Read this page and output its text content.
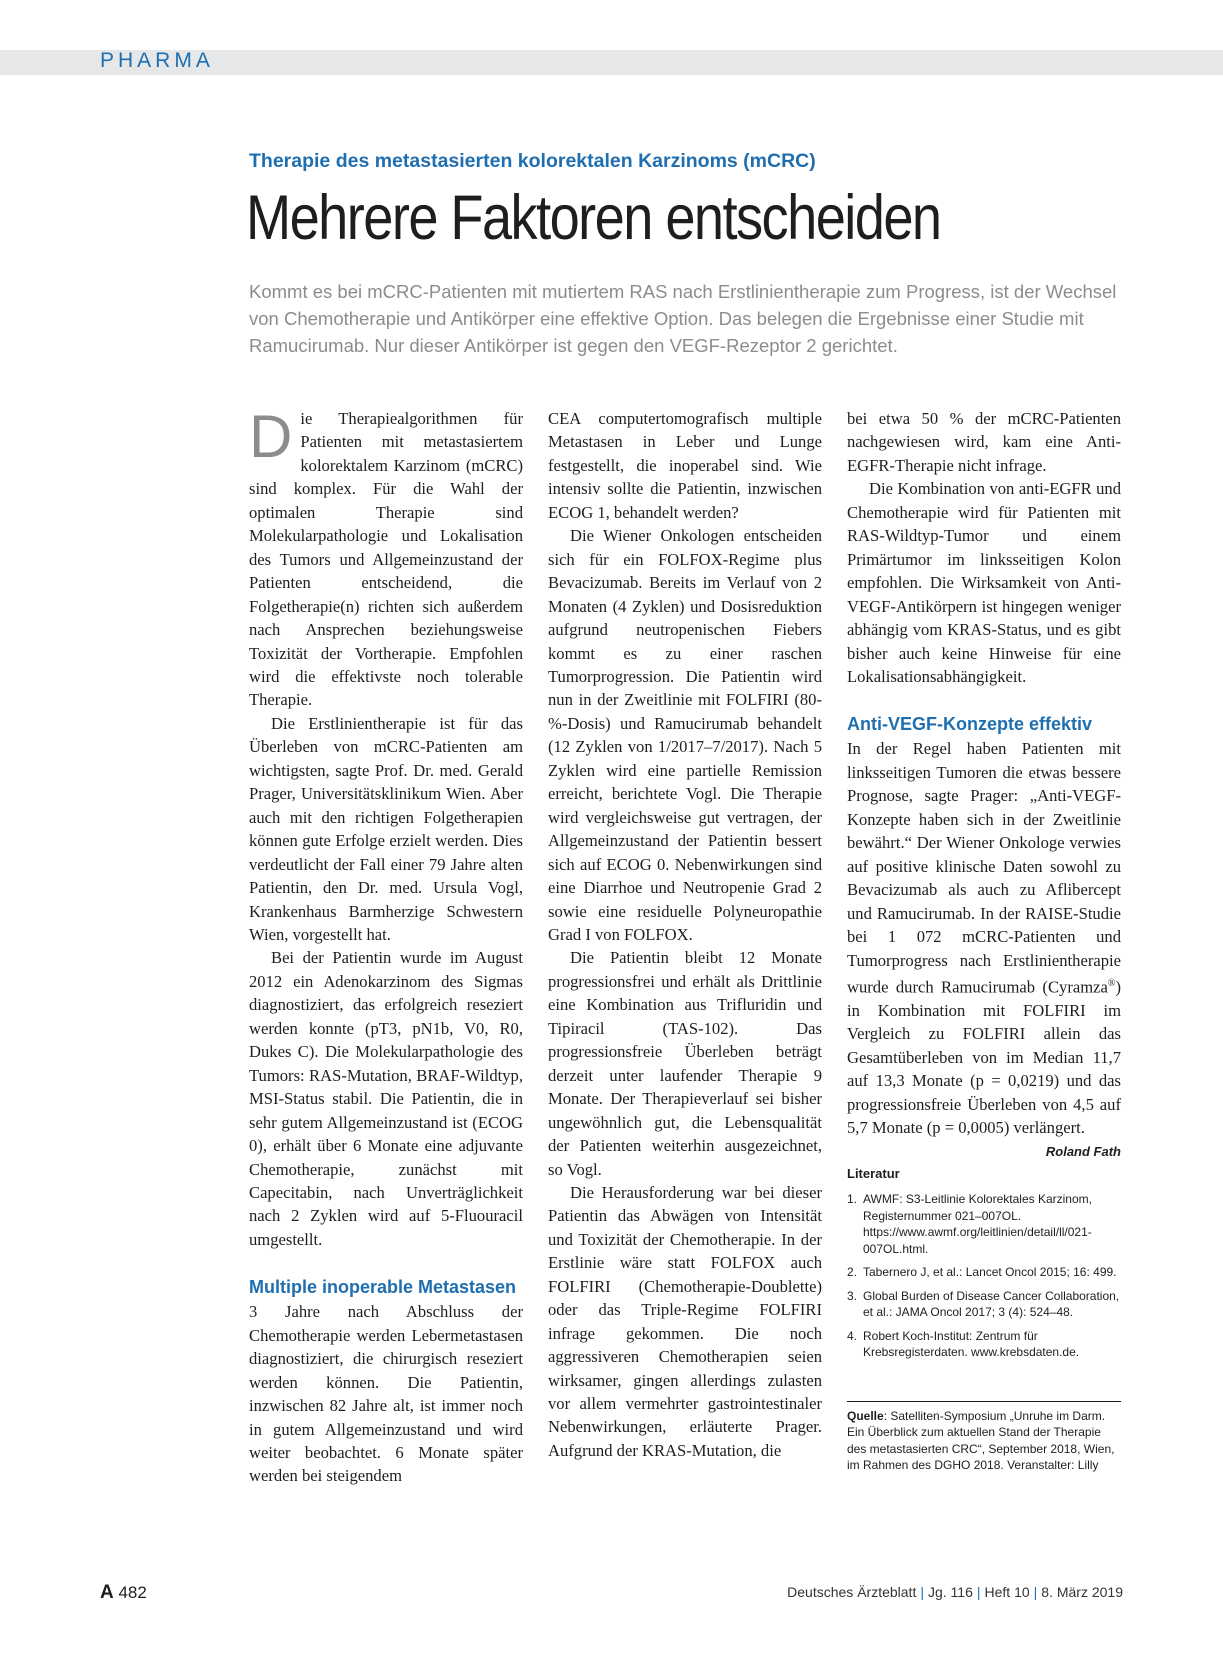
PHARMA
Therapie des metastasierten kolorektalen Karzinoms (mCRC)
Mehrere Faktoren entscheiden
Kommt es bei mCRC-Patienten mit mutiertem RAS nach Erstlinientherapie zum Progress, ist der Wechsel von Chemotherapie und Antikörper eine effektive Option. Das belegen die Ergebnisse einer Studie mit Ramucirumab. Nur dieser Antikörper ist gegen den VEGF-Rezeptor 2 gerichtet.

Die Therapiealgorithmen für Patienten mit metastasiertem kolorektalem Karzinom (mCRC) sind komplex. Für die Wahl der optimalen Therapie sind Molekularpathologie und Lokalisation des Tumors und Allgemeinzustand der Patienten entscheidend, die Folgetherapie(n) richten sich außerdem nach Ansprechen beziehungsweise Toxizität der Vortherapie. Empfohlen wird die effektivste noch tolerable Therapie.

Die Erstlinientherapie ist für das Überleben von mCRC-Patienten am wichtigsten, sagte Prof. Dr. med. Gerald Prager, Universitätsklinikum Wien. Aber auch mit den richtigen Folgetherapien können gute Erfolge erzielt werden. Dies verdeutlicht der Fall einer 79 Jahre alten Patientin, den Dr. med. Ursula Vogl, Krankenhaus Barmherzige Schwestern Wien, vorgestellt hat.

Bei der Patientin wurde im August 2012 ein Adenokarzinom des Sigmas diagnostiziert, das erfolgreich reseziert werden konnte (pT3, pN1b, V0, R0, Dukes C). Die Molekularpathologie des Tumors: RAS-Mutation, BRAF-Wildtyp, MSI-Status stabil. Die Patientin, die in sehr gutem Allgemeinzustand ist (ECOG 0), erhält über 6 Monate eine adjuvante Chemotherapie, zunächst mit Capecitabin, nach Unverträglichkeit nach 2 Zyklen wird auf 5-Fluouracil umgestellt.

Multiple inoperable Metastasen

3 Jahre nach Abschluss der Chemotherapie werden Lebermetastasen diagnostiziert, die chirurgisch reseziert werden können. Die Patientin, inzwischen 82 Jahre alt, ist immer noch in gutem Allgemeinzustand und wird weiter beobachtet. 6 Monate später werden bei steigendem

CEA computertomografisch multiple Metastasen in Leber und Lunge festgestellt, die inoperabel sind. Wie intensiv sollte die Patientin, inzwischen ECOG 1, behandelt werden?

Die Wiener Onkologen entscheiden sich für ein FOLFOX-Regime plus Bevacizumab. Bereits im Verlauf von 2 Monaten (4 Zyklen) und Dosisreduktion aufgrund neutropenischen Fiebers kommt es zu einer raschen Tumorprogression. Die Patientin wird nun in der Zweitlinie mit FOLFIRI (80-%-Dosis) und Ramucirumab behandelt (12 Zyklen von 1/2017–7/2017). Nach 5 Zyklen wird eine partielle Remission erreicht, berichtete Vogl. Die Therapie wird vergleichsweise gut vertragen, der Allgemeinzustand der Patientin bessert sich auf ECOG 0. Nebenwirkungen sind eine Diarrhoe und Neutropenie Grad 2 sowie eine residuelle Polyneuropathie Grad I von FOLFOX.

Die Patientin bleibt 12 Monate progressionsfrei und erhält als Drittlinie eine Kombination aus Trifluridin und Tipiracil (TAS-102). Das progressionsfreie Überleben beträgt derzeit unter laufender Therapie 9 Monate. Der Therapieverlauf sei bisher ungewöhnlich gut, die Lebensqualität der Patienten weiterhin ausgezeichnet, so Vogl.

Die Herausforderung war bei dieser Patientin das Abwägen von Intensität und Toxizität der Chemotherapie. In der Erstlinie wäre statt FOLFOX auch FOLFIRI (Chemotherapie-Doublette) oder das Triple-Regime FOLFIRI infrage gekommen. Die noch aggressiveren Chemotherapien seien wirksamer, gingen allerdings zulasten vor allem vermehrter gastrointestinaler Nebenwirkungen, erläuterte Prager. Aufgrund der KRAS-Mutation, die

bei etwa 50 % der mCRC-Patienten nachgewiesen wird, kam eine Anti-EGFR-Therapie nicht infrage.

Die Kombination von anti-EGFR und Chemotherapie wird für Patienten mit RAS-Wildtyp-Tumor und einem Primärtumor im linksseitigen Kolon empfohlen. Die Wirksamkeit von Anti-VEGF-Antikörpern ist hingegen weniger abhängig vom KRAS-Status, und es gibt bisher auch keine Hinweise für eine Lokalisationsabhängigkeit.

Anti-VEGF-Konzepte effektiv

In der Regel haben Patienten mit linksseitigen Tumoren die etwas bessere Prognose, sagte Prager: „Anti-VEGF-Konzepte haben sich in der Zweitlinie bewährt.“ Der Wiener Onkologe verwies auf positive klinische Daten sowohl zu Bevacizumab als auch zu Aflibercept und Ramucirumab. In der RAISE-Studie bei 1 072 mCRC-Patienten und Tumorprogress nach Erstlinientherapie wurde durch Ramucirumab (Cyramza®) in Kombination mit FOLFIRI im Vergleich zu FOLFIRI allein das Gesamtüberleben von im Median 11,7 auf 13,3 Monate (p = 0,0219) und das progressionsfreie Überleben von 4,5 auf 5,7 Monate (p = 0,0005) verlängert.
Roland Fath

Literatur
1. AWMF: S3-Leitlinie Kolorektales Karzinom, Registernummer 021–007OL. https://www.awmf.org/leitlinien/detail/ll/021-007OL.html.
2. Tabernero J, et al.: Lancet Oncol 2015; 16: 499.
3. Global Burden of Disease Cancer Collaboration, et al.: JAMA Oncol 2017; 3 (4): 524–48.
4. Robert Koch-Institut: Zentrum für Krebsregisterdaten. www.krebsdaten.de.
Quelle: Satelliten-Symposium „Unruhe im Darm. Ein Überblick zum aktuellen Stand der Therapie des metastasierten CRC“, September 2018, Wien, im Rahmen des DGHO 2018. Veranstalter: Lilly
A 482	Deutsches Ärzteblatt | Jg. 116 | Heft 10 | 8. März 2019
